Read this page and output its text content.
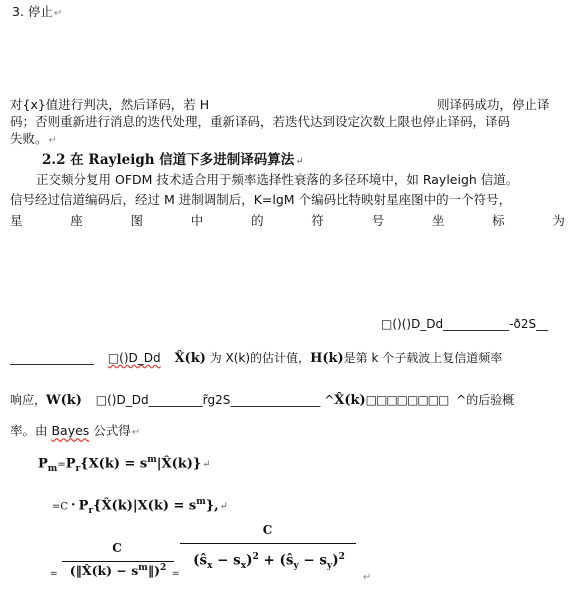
3. 停止↵
对{x}值进行判决，然后译码，若 H	则译码成功，停止译
码；否则重新进行消息的迭代处理，重新译码，若迭代达到设定次数上限也停止译码，译码
失败。↵
2.2 在 Rayleigh 信道下多进制译码算法↵
正交频分复用 OFDM 技术适合用于频率选择性衰落的多径环境中，如 Rayleigh 信道。
信号经过信道编码后，经过 M 进制调制后，K=lgM 个编码比特映射星座图中的一个符号，
星	座	图	中	的	符	号	坐	标	为
□()()D_Dd___________-ð2S__
______________ □()D_Dd X̂(k) 为 X(k)的估计值，H(k)是第 k 个子载波上复信道频率
响应，W(k) □()D_Dd_________r̃g2S_______________ ^X̂(k)□□□□□□□□ ^的后验概
率。由 Bayes 公式得↵
$P_m=P_r\{X(k)$ = $s^m|X̂(k)\}↵$
$=C \cdot P_r\{X̂(k)|X(k)$ = $s^m\},↵$
C
= (‖X̂(k) − $s^m‖)^2$
=
C
$(ŝ_x - s_x)^2$ + $(ŝ_y - s_y)^2$
↵
